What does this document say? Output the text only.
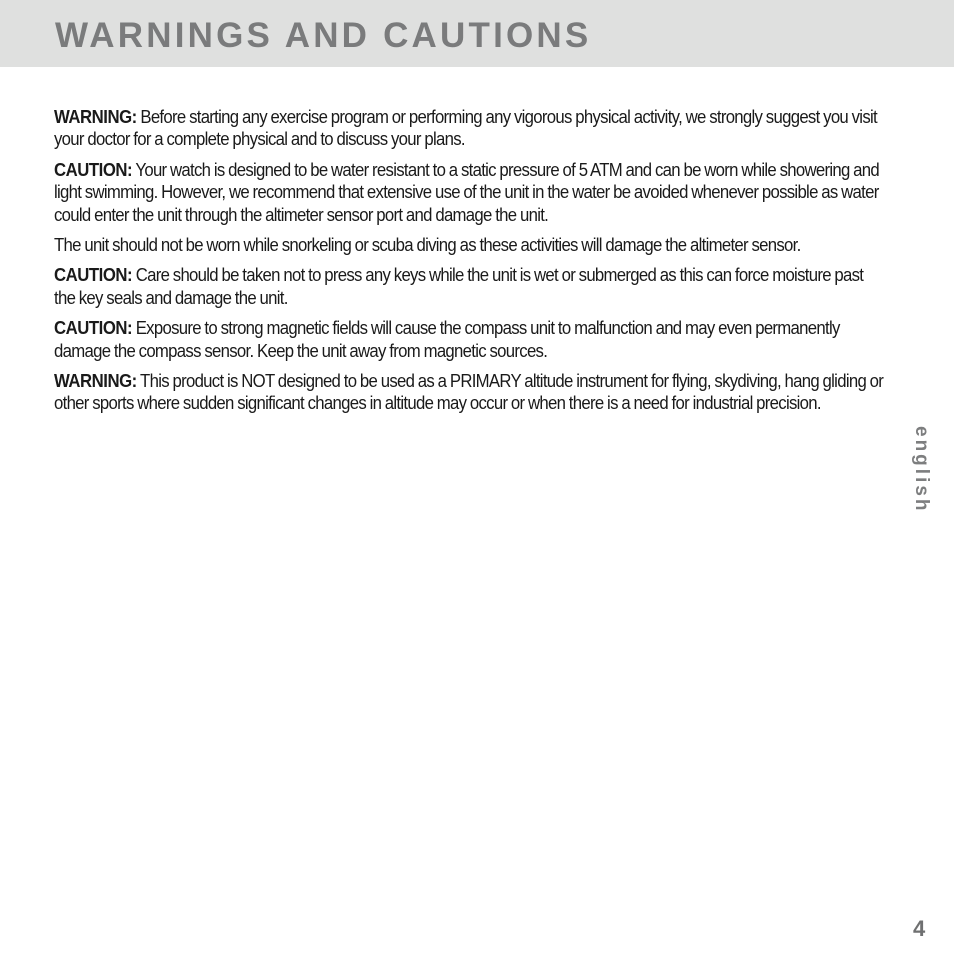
WARNINGS AND CAUTIONS

WARNING: Before starting any exercise program or performing any vigorous physical activity, we strongly suggest you visit your doctor for a complete physical and to discuss your plans.

CAUTION: Your watch is designed to be water resistant to a static pressure of 5 ATM and can be worn while showering and light swimming. However, we recommend that extensive use of the unit in the water be avoided whenever possible as water could enter the unit through the altimeter sensor port and damage the unit.

The unit should not be worn while snorkeling or scuba diving as these activities will damage the altimeter sensor.

CAUTION: Care should be taken not to press any keys while the unit is wet or submerged as this can force moisture past the key seals and damage the unit.

CAUTION: Exposure to strong magnetic fields will cause the compass unit to malfunction and may even permanently damage the compass sensor. Keep the unit away from magnetic sources.

WARNING: This product is NOT designed to be used as a PRIMARY altitude instrument for flying, skydiving, hang gliding or other sports where sudden significant changes in altitude may occur or when there is a need for industrial precision.

english
4
